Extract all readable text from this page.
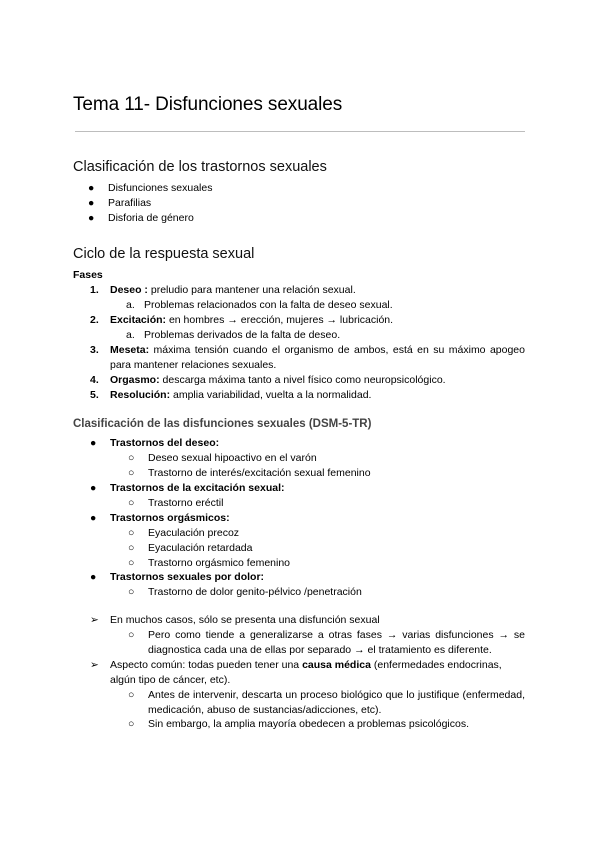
Tema 11- Disfunciones sexuales
Clasificación de los trastornos sexuales
●	Disfunciones sexuales
●	Parafilias
●	Disforia de género
Ciclo de la respuesta sexual
Fases
1.	Deseo : preludio para mantener una relación sexual.
a. Problemas relacionados con la falta de deseo sexual.
2.	Excitación: en hombres → erección, mujeres → lubricación.
a. Problemas derivados de la falta de deseo.
3.	Meseta: máxima tensión cuando el organismo de ambos, está en su máximo apogeo para mantener relaciones sexuales.
4.	Orgasmo: descarga máxima tanto a nivel físico como neuropsicológico.
5.	Resolución: amplia variabilidad, vuelta a la normalidad.
Clasificación de las disfunciones sexuales (DSM-5-TR)
●	Trastornos del deseo:
○	Deseo sexual hipoactivo en el varón
○	Trastorno de interés/excitación sexual femenino
●	Trastornos de la excitación sexual:
○	Trastorno eréctil
●	Trastornos orgásmicos:
○	Eyaculación precoz
○	Eyaculación retardada
○	Trastorno orgásmico femenino
●	Trastornos sexuales por dolor:
○	Trastorno de dolor genito-pélvico /penetración
➢	En muchos casos, sólo se presenta una disfunción sexual
○	Pero como tiende a generalizarse a otras fases → varias disfunciones → se diagnostica cada una de ellas por separado → el tratamiento es diferente.
➢	Aspecto común: todas pueden tener una causa médica (enfermedades endocrinas, algún tipo de cáncer, etc).
○	Antes de intervenir, descarta un proceso biológico que lo justifique (enfermedad, medicación, abuso de sustancias/adicciones, etc).
○	Sin embargo, la amplia mayoría obedecen a problemas psicológicos.
